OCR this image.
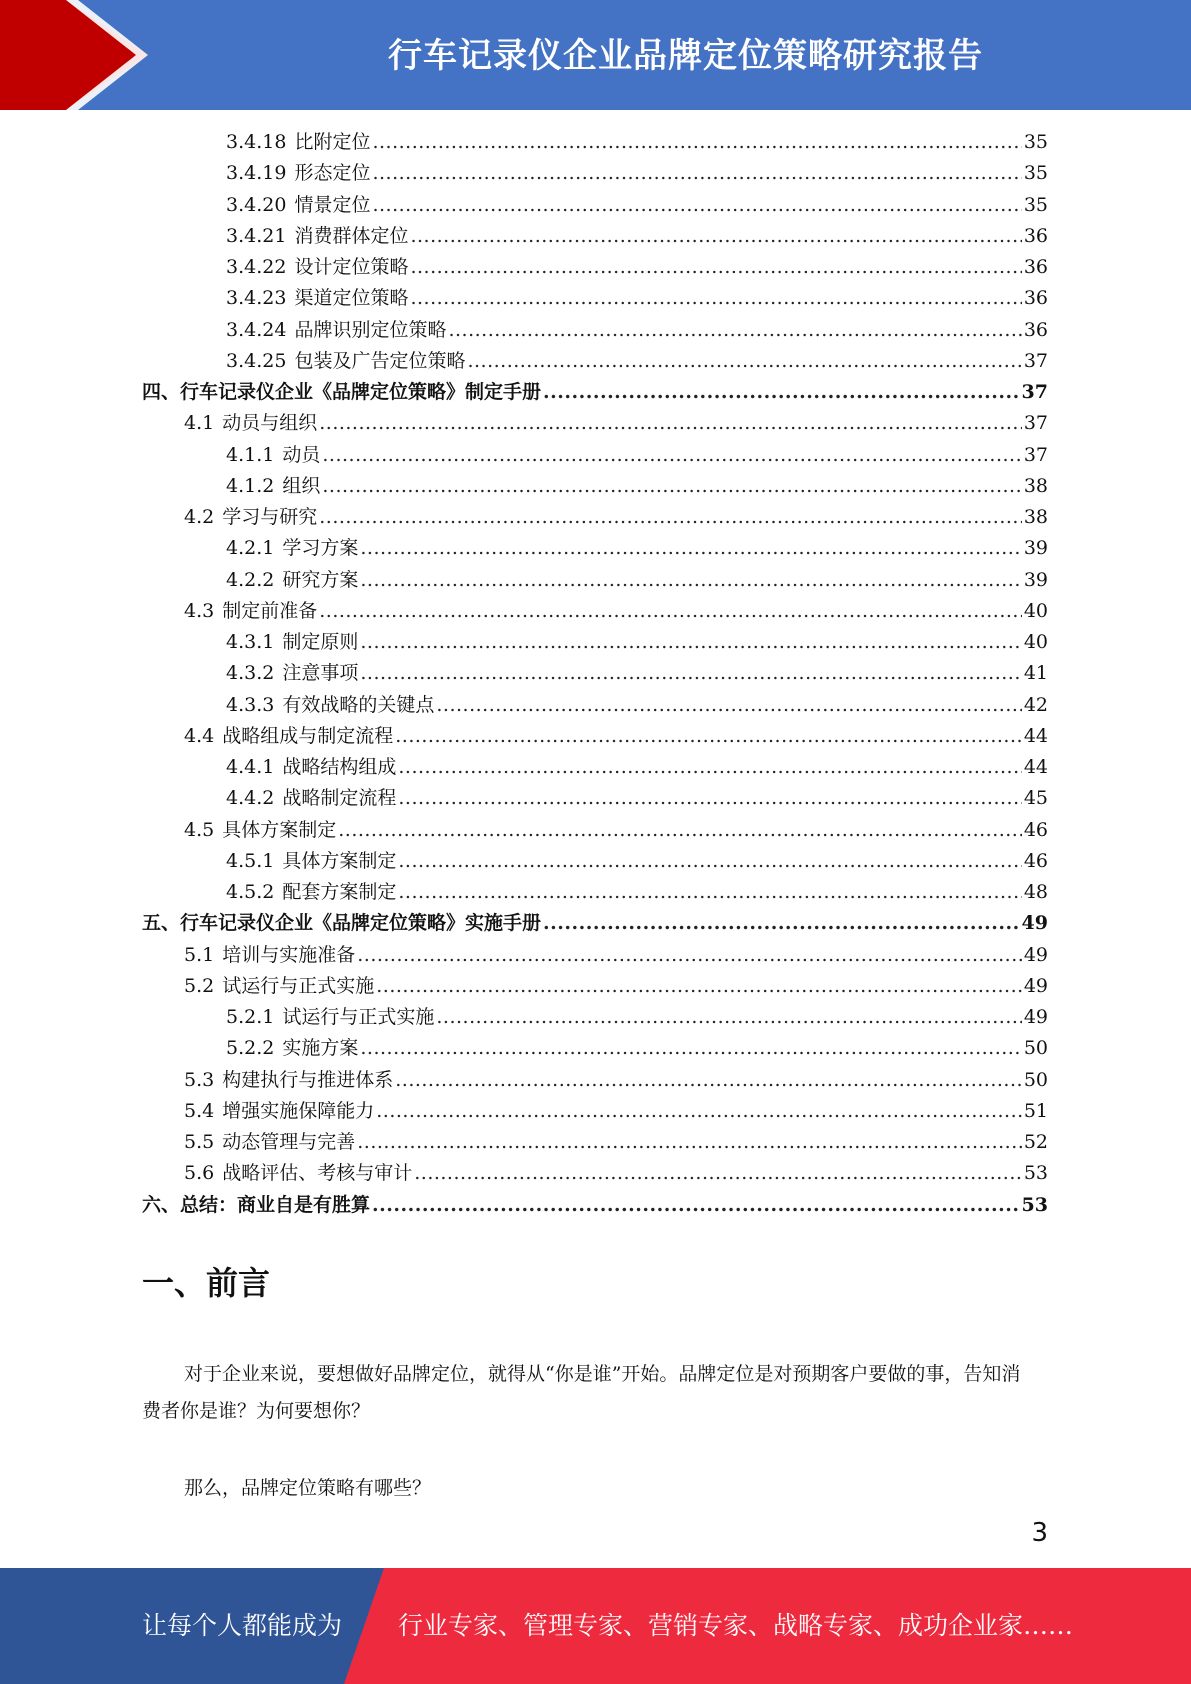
行车记录仪企业品牌定位策略研究报告
3.4.18 比附定位 .....	35
3.4.19 形态定位 .....	35
3.4.20 情景定位 .....	35
3.4.21 消费群体定位 .....	36
3.4.22 设计定位策略 .....	36
3.4.23 渠道定位策略 .....	36
3.4.24 品牌识别定位策略 .....	36
3.4.25 包装及广告定位策略 .....	37
四、 行车记录仪企业《品牌定位策略》制定手册 .....	37
4.1 动员与组织 .....	37
4.1.1 动员 .....	37
4.1.2 组织 .....	38
4.2 学习与研究 .....	38
4.2.1 学习方案 .....	39
4.2.2 研究方案 .....	39
4.3 制定前准备 .....	40
4.3.1 制定原则 .....	40
4.3.2 注意事项 .....	41
4.3.3 有效战略的关键点 .....	42
4.4 战略组成与制定流程 .....	44
4.4.1 战略结构组成 .....	44
4.4.2 战略制定流程 .....	45
4.5 具体方案制定 .....	46
4.5.1 具体方案制定 .....	46
4.5.2 配套方案制定 .....	48
五、 行车记录仪企业《品牌定位策略》实施手册 .....	49
5.1 培训与实施准备 .....	49
5.2 试运行与正式实施 .....	49
5.2.1 试运行与正式实施 .....	49
5.2.2 实施方案 .....	50
5.3 构建执行与推进体系 .....	50
5.4 增强实施保障能力 .....	51
5.5 动态管理与完善 .....	52
5.6 战略评估、考核与审计 .....	53
六、 总结：商业自是有胜算 .....	53
一、前言
对于企业来说，要想做好品牌定位，就得从“你是谁”开始。品牌定位是对预期客户要做的事，告知消费者你是谁？为何要想你？
那么，品牌定位策略有哪些？
3
让每个人都能成为 行业专家、管理专家、营销专家、战略专家、成功企业家……
